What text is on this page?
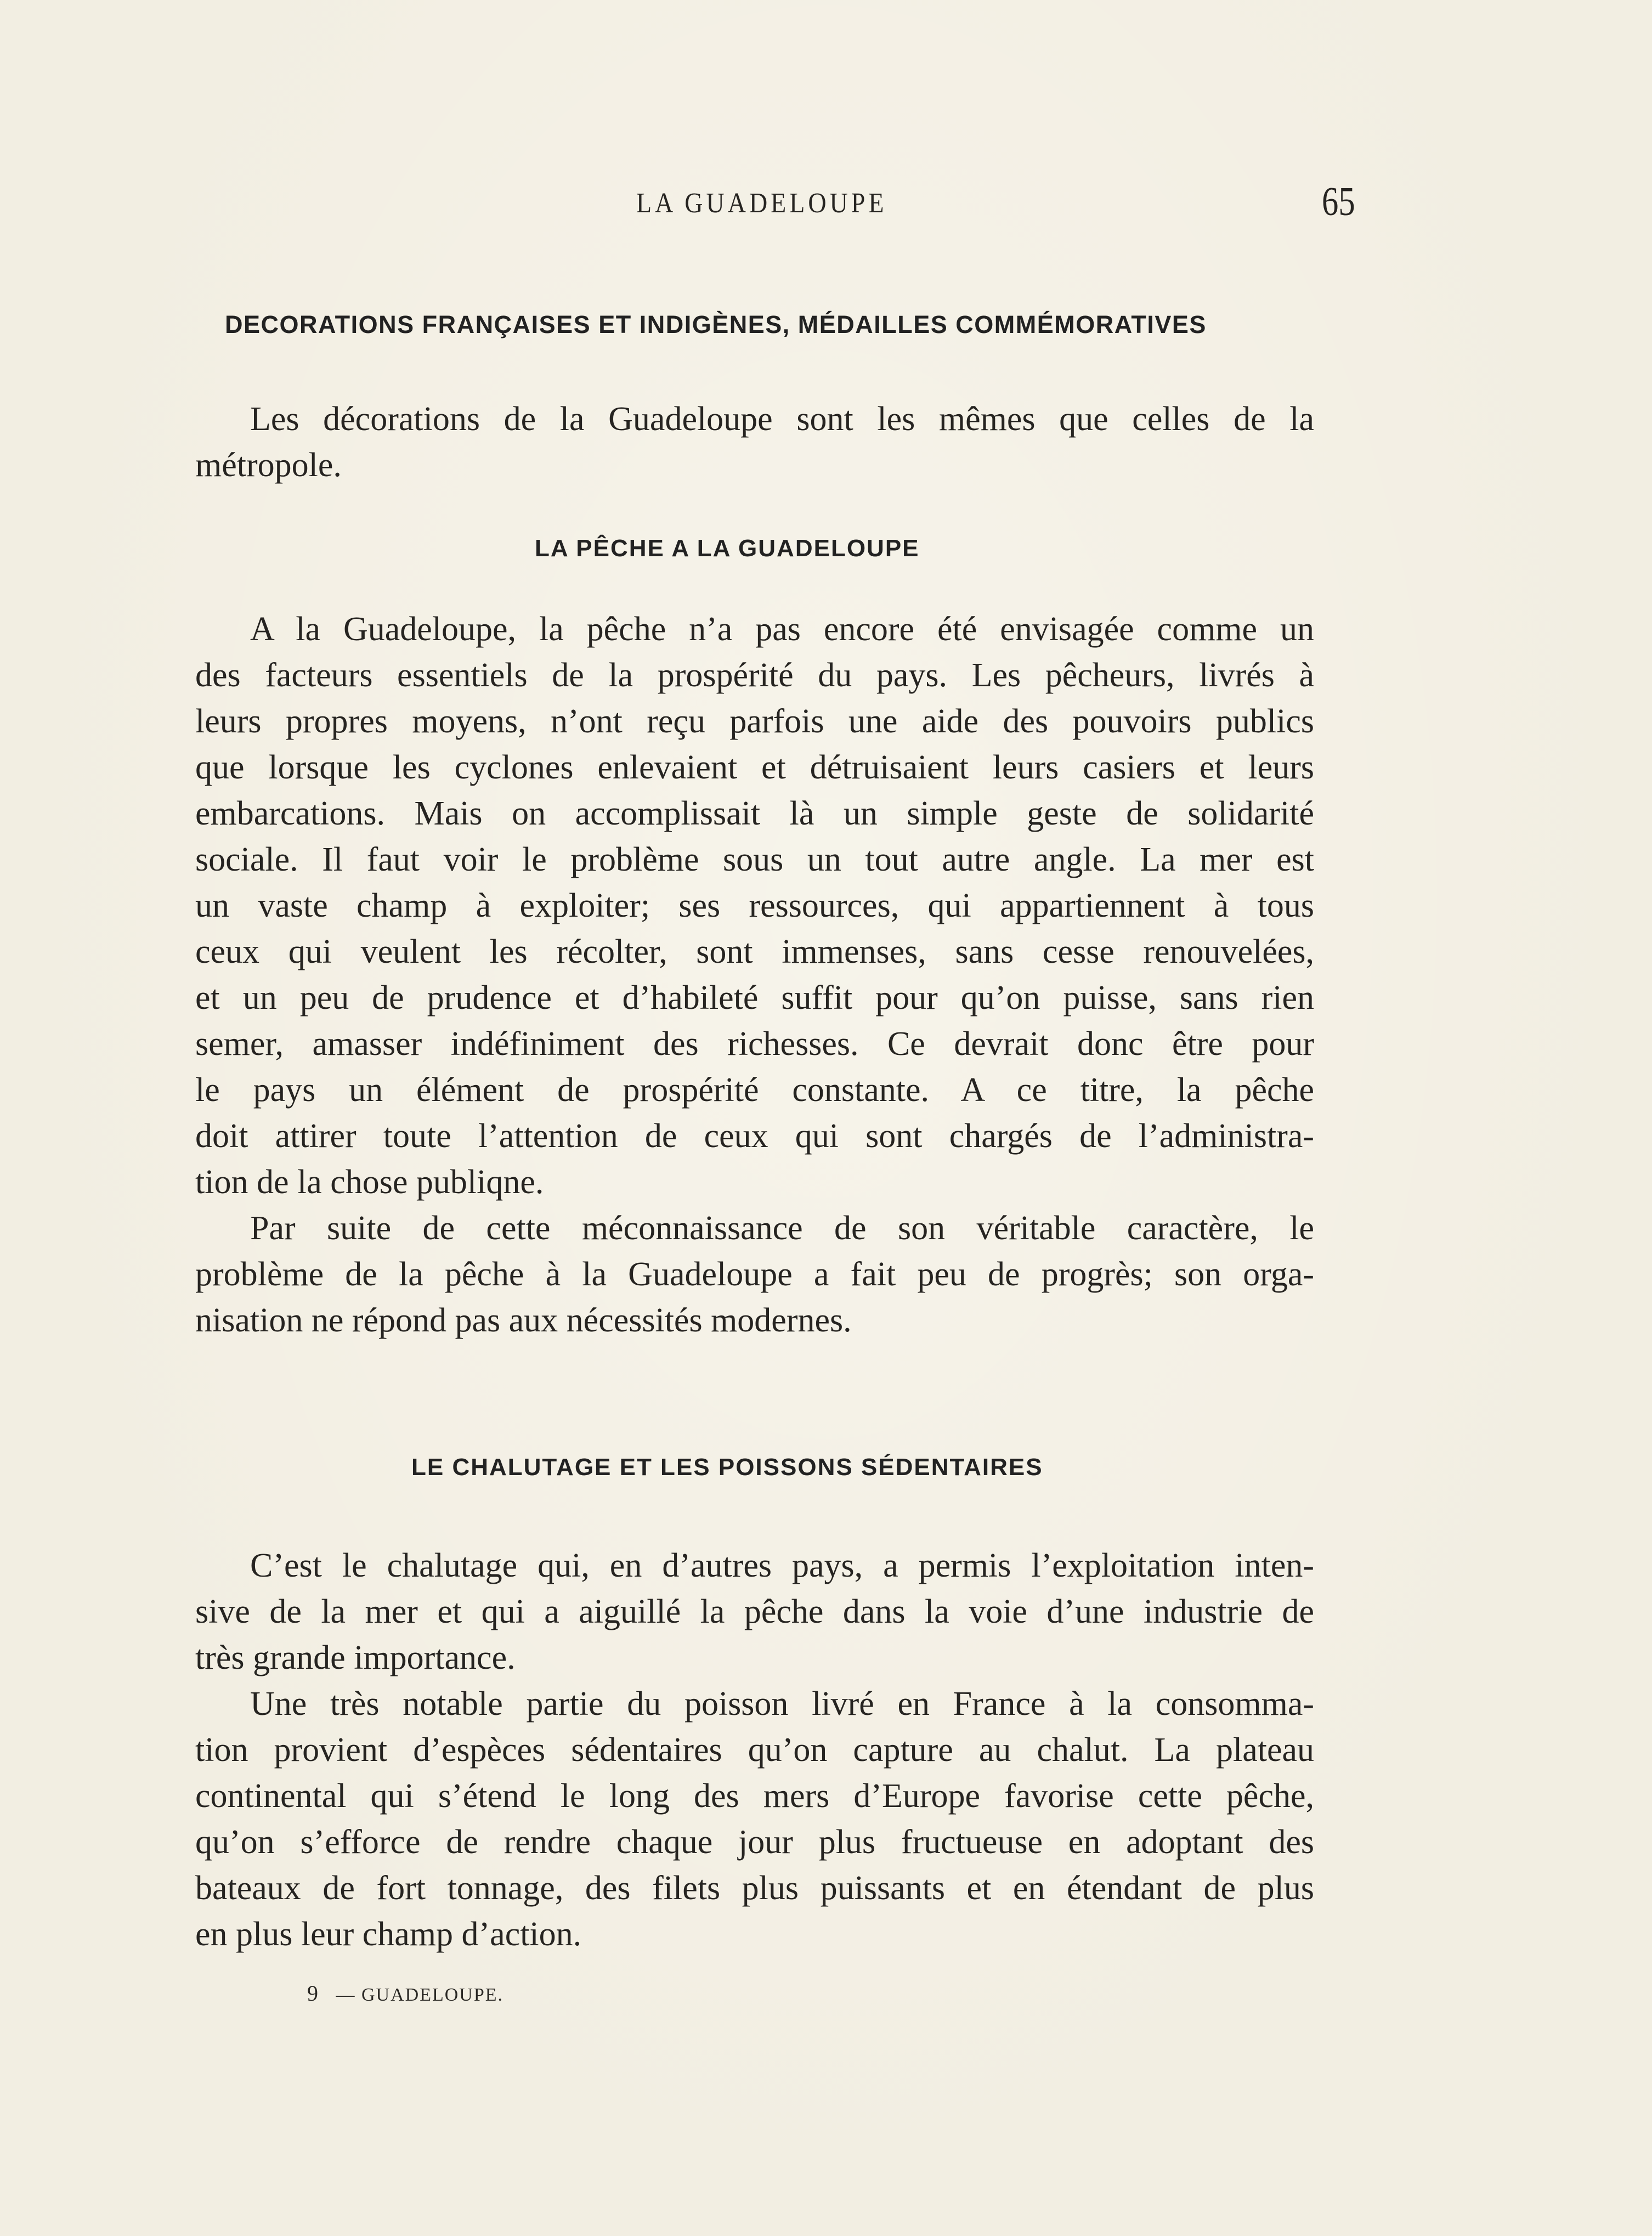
LA GUADELOUPE	65
DECORATIONS FRANÇAISES ET INDIGÈNES, MÉDAILLES COMMÉMORATIVES
Les décorations de la Guadeloupe sont les mêmes que celles de la
métropole.
LA PÊCHE A LA GUADELOUPE
A la Guadeloupe, la pêche n’a pas encore été envisagée comme un
des facteurs essentiels de la prospérité du pays. Les pêcheurs, livrés à
leurs propres moyens, n’ont reçu parfois une aide des pouvoirs publics
que lorsque les cyclones enlevaient et détruisaient leurs casiers et leurs
embarcations. Mais on accomplissait là un simple geste de solidarité
sociale. Il faut voir le problème sous un tout autre angle. La mer est
un vaste champ à exploiter; ses ressources, qui appartiennent à tous
ceux qui veulent les récolter, sont immenses, sans cesse renouvelées,
et un peu de prudence et d’habileté suffit pour qu’on puisse, sans rien
semer, amasser indéfiniment des richesses. Ce devrait donc être pour
le pays un élément de prospérité constante. A ce titre, la pêche
doit attirer toute l’attention de ceux qui sont chargés de l’administra-
tion de la chose publiqne.
Par suite de cette méconnaissance de son véritable caractère, le
problème de la pêche à la Guadeloupe a fait peu de progrès; son orga-
nisation ne répond pas aux nécessités modernes.
LE CHALUTAGE ET LES POISSONS SÉDENTAIRES
C’est le chalutage qui, en d’autres pays, a permis l’exploitation inten-
sive de la mer et qui a aiguillé la pêche dans la voie d’une industrie de
très grande importance.
Une très notable partie du poisson livré en France à la consomma-
tion provient d’espèces sédentaires qu’on capture au chalut. La plateau
continental qui s’étend le long des mers d’Europe favorise cette pêche,
qu’on s’efforce de rendre chaque jour plus fructueuse en adoptant des
bateaux de fort tonnage, des filets plus puissants et en étendant de plus
en plus leur champ d’action.
9 — GUADELOUPE.
